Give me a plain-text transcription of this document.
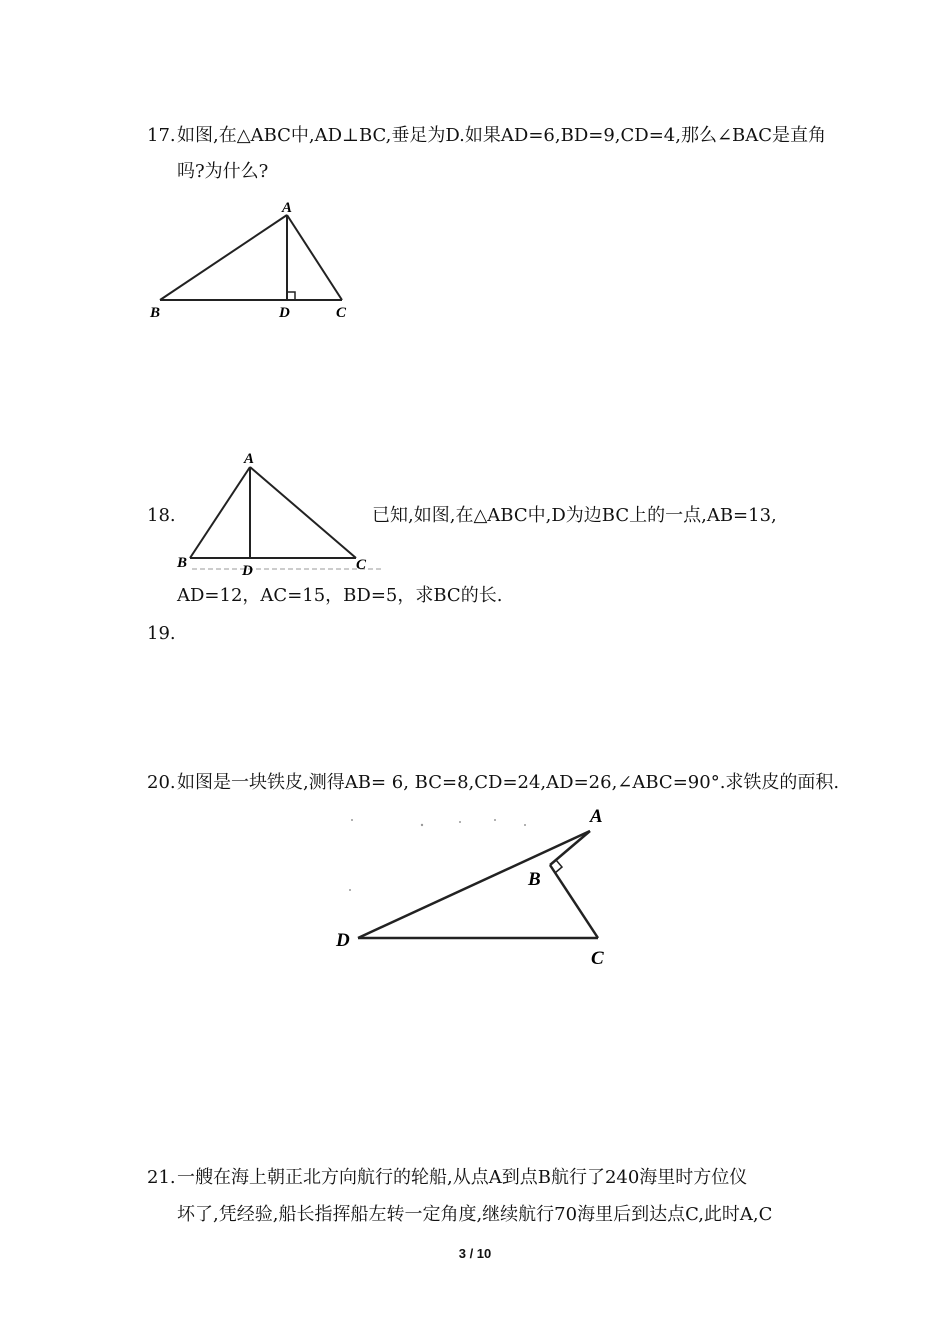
17. 如图,在△ABC中,AD⊥BC,垂足为D.如果AD=6,BD=9,CD=4,那么∠BAC是直角
吗?为什么?
A
B	D	C
A
B	D	C
18.	已知,如图,在△ABC中,D为边BC上的一点,AB=13,
AD=12，AC=15，BD=5，求BC的长.
19.
20. 如图是一块铁皮,测得AB= 6, BC=8,CD=24,AD=26,∠ABC=90°.求铁皮的面积.
A
B
D
C
21. 一艘在海上朝正北方向航行的轮船,从点A到点B航行了240海里时方位仪
坏了,凭经验,船长指挥船左转一定角度,继续航行70海里后到达点C,此时A,C
3 / 10
